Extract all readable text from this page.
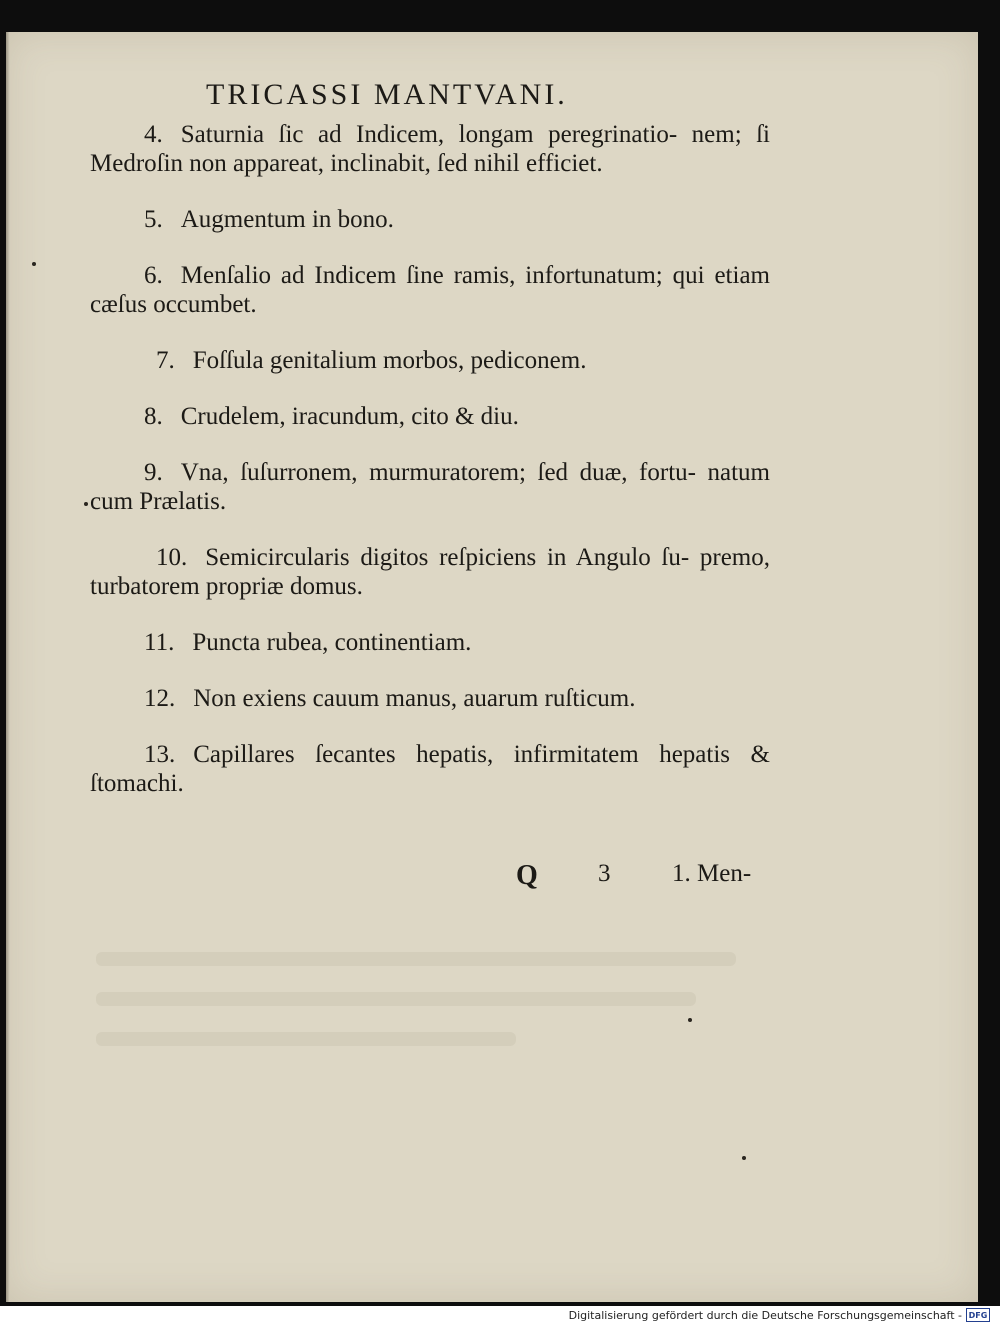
TRICASSI MANTVANI.

4. Saturnia ſic ad Indicem, longam peregrinatio- nem; ſi Medroſin non appareat, inclinabit, ſed nihil efficiet.

5. Augmentum in bono.

6. Menſalio ad Indicem ſine ramis, infortunatum; qui etiam cæſus occumbet.

7. Foſſula genitalium morbos, pediconem.

8. Crudelem, iracundum, cito & diu.

9. Vna, ſuſurronem, murmuratorem; ſed duæ, fortu- natum cum Prælatis.

10. Semicircularis digitos reſpiciens in Angulo ſu- premo, turbatorem propriæ domus.

11. Puncta rubea, continentiam.

12. Non exiens cauum manus, auarum ruſticum.

13. Capillares ſecantes hepatis, infirmitatem hepatis & ſtomachi.

Q 3 1. Men-
Digitalisierung gefördert durch die Deutsche Forschungsgemeinschaft - DFG
